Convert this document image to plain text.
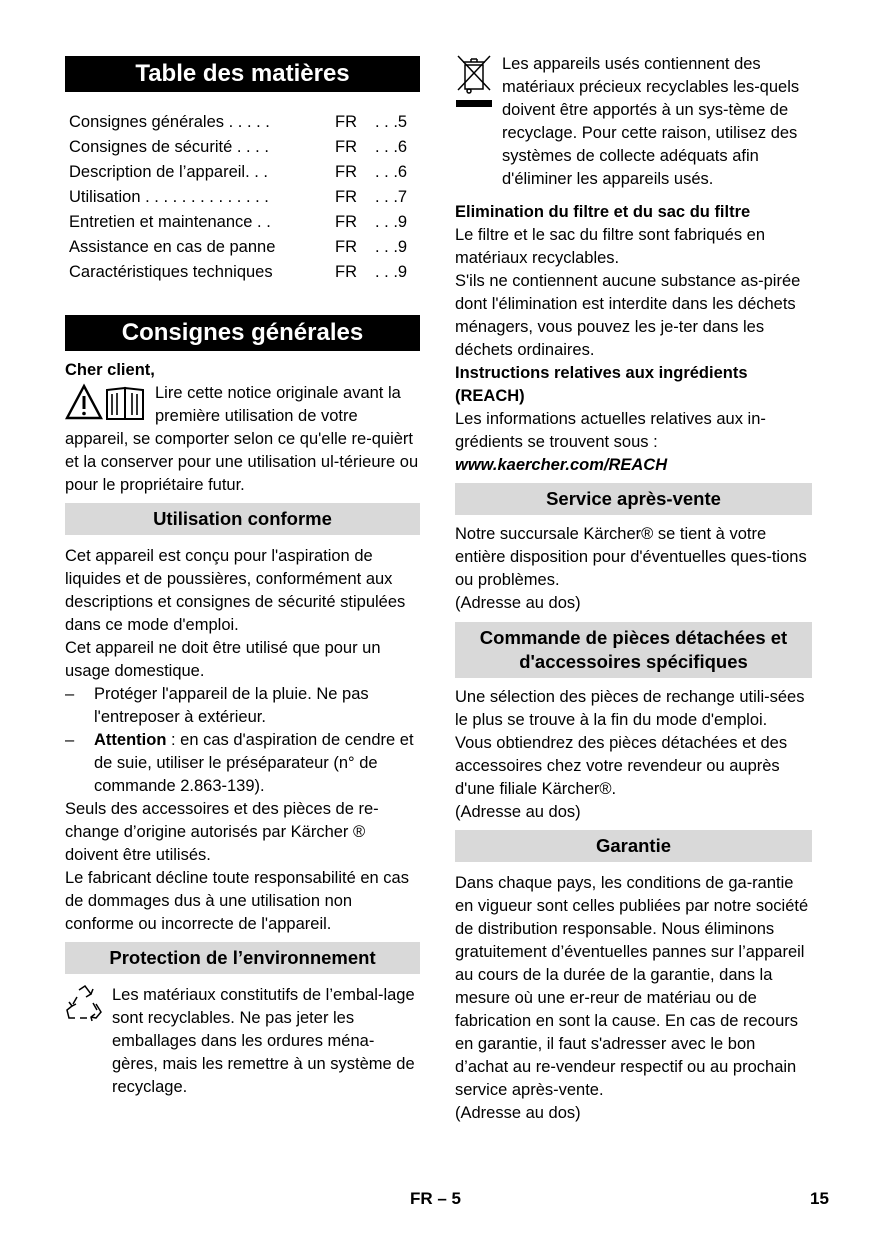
Table des matières
Consignes générales . . . . .	FR	. . .5
Consignes de sécurité . . . .	FR	. . .6
Description de l’appareil. . .	FR	. . .6
Utilisation . . . . . . . . . . . . . .	FR	. . .7
Entretien et maintenance . .	FR	. . .9
Assistance en cas de panne	FR	. . .9
Caractéristiques techniques	FR	. . .9
Consignes générales

Cher client,

Lire cette notice originale avant la première utilisation de votre

appareil, se comporter selon ce qu'elle re-quièrt et la conserver pour une utilisation ul-térieure ou pour le propriétaire futur.

Utilisation conforme

Cet appareil est conçu pour l'aspiration de liquides et de poussières, conformément aux descriptions et consignes de sécurité stipulées dans ce mode d'emploi.

Cet appareil ne doit être utilisé que pour un usage domestique.

–	Protéger l'appareil de la pluie. Ne pas l'entreposer à extérieur.
–	Attention : en cas d'aspiration de cendre et de suie, utiliser le préséparateur (n° de commande 2.863-139).

Seuls des accessoires et des pièces de re-change d’origine autorisés par Kärcher ® doivent être utilisés.

Le fabricant décline toute responsabilité en cas de dommages dus à une utilisation non conforme ou incorrecte de l'appareil.

Protection de l’environnement

Les matériaux constitutifs de l’embal-lage sont recyclables. Ne pas jeter les emballages dans les ordures ména-gères, mais les remettre à un système de recyclage.

Les appareils usés contiennent des matériaux précieux recyclables les-quels doivent être apportés à un sys-tème de recyclage. Pour cette raison, utilisez des systèmes de collecte adéquats afin d'éliminer les appareils usés.

Elimination du filtre et du sac du filtre

Le filtre et le sac du filtre sont fabriqués en matériaux recyclables.

S'ils ne contiennent aucune substance as-pirée dont l'élimination est interdite dans les déchets ménagers, vous pouvez les je-ter dans les déchets ordinaires.

Instructions relatives aux ingrédients (REACH)

Les informations actuelles relatives aux in-grédients se trouvent sous :

www.kaercher.com/REACH

Service après-vente

Notre succursale Kärcher® se tient à votre entière disposition pour d'éventuelles ques-tions ou problèmes.

(Adresse au dos)

Commande de pièces détachées et d'accessoires spécifiques

Une sélection des pièces de rechange utili-sées le plus se trouve à la fin du mode d'emploi.

Vous obtiendrez des pièces détachées et des accessoires chez votre revendeur ou auprès d'une filiale Kärcher®.

(Adresse au dos)

Garantie

Dans chaque pays, les conditions de ga-rantie en vigueur sont celles publiées par notre société de distribution responsable. Nous éliminons gratuitement d’éventuelles pannes sur l’appareil au cours de la durée de la garantie, dans la mesure où une er-reur de matériau ou de fabrication en sont la cause. En cas de recours en garantie, il faut s'adresser avec le bon d’achat au re-vendeur respectif ou au prochain service après-vente.

(Adresse au dos)

FR – 5	15
